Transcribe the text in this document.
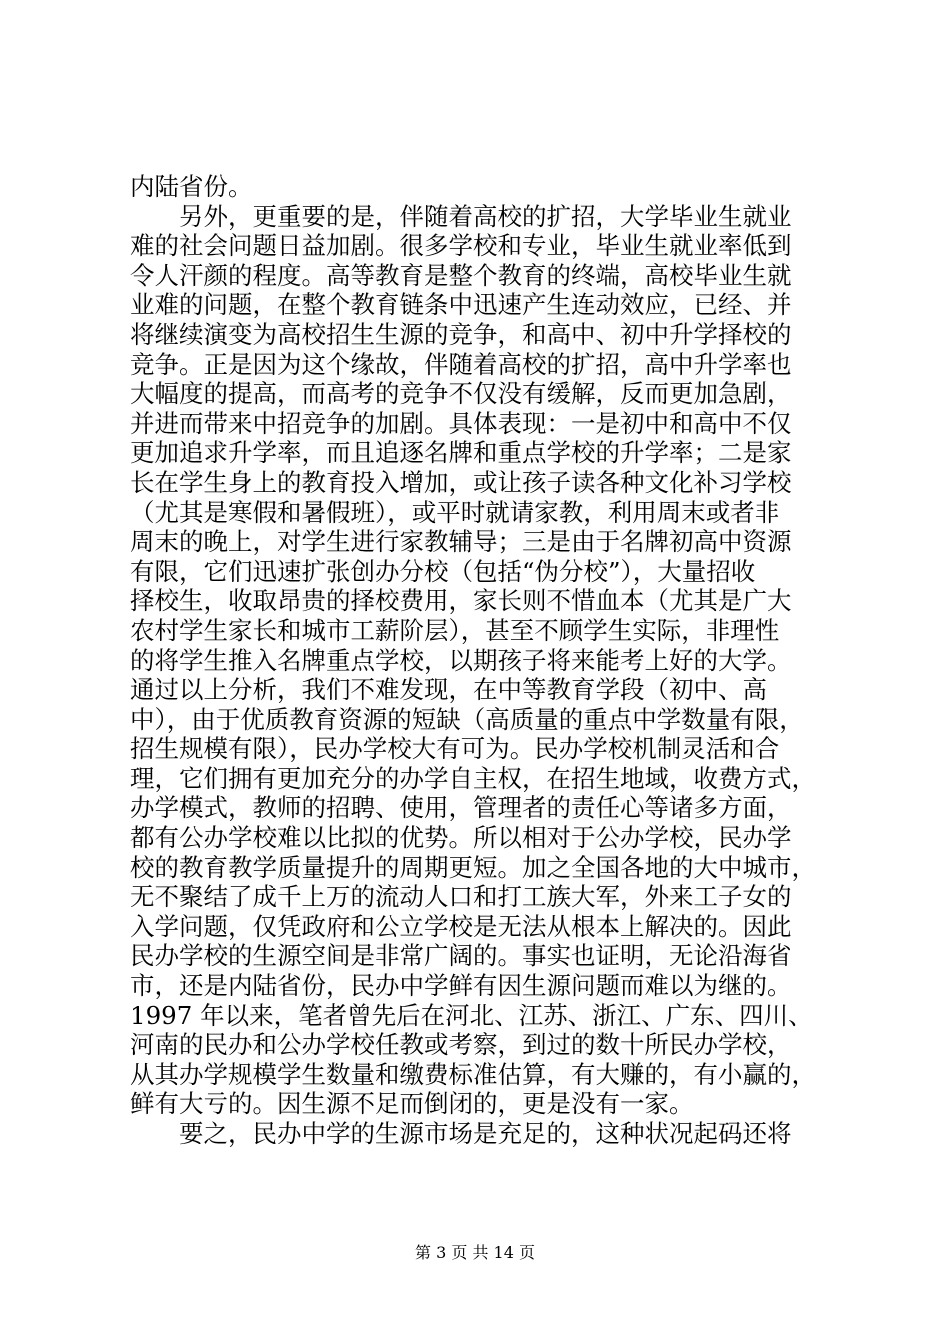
内陆省份。
　　另外，更重要的是，伴随着高校的扩招，大学毕业生就业
难的社会问题日益加剧。很多学校和专业，毕业生就业率低到
令人汗颜的程度。高等教育是整个教育的终端，高校毕业生就
业难的问题，在整个教育链条中迅速产生连动效应，已经、并
将继续演变为高校招生生源的竞争，和高中、初中升学择校的
竞争。正是因为这个缘故，伴随着高校的扩招，高中升学率也
大幅度的提高，而高考的竞争不仅没有缓解，反而更加急剧，
并进而带来中招竞争的加剧。具体表现：一是初中和高中不仅
更加追求升学率，而且追逐名牌和重点学校的升学率；二是家
长在学生身上的教育投入增加，或让孩子读各种文化补习学校
（尤其是寒假和暑假班），或平时就请家教，利用周末或者非
周末的晚上，对学生进行家教辅导；三是由于名牌初高中资源
有限，它们迅速扩张创办分校（包括“伪分校”），大量招收
择校生，收取昂贵的择校费用，家长则不惜血本（尤其是广大
农村学生家长和城市工薪阶层），甚至不顾学生实际，非理性
的将学生推入名牌重点学校，以期孩子将来能考上好的大学。
通过以上分析，我们不难发现，在中等教育学段（初中、高
中），由于优质教育资源的短缺（高质量的重点中学数量有限，
招生规模有限），民办学校大有可为。民办学校机制灵活和合
理，它们拥有更加充分的办学自主权，在招生地域，收费方式，
办学模式，教师的招聘、使用，管理者的责任心等诸多方面，
都有公办学校难以比拟的优势。所以相对于公办学校，民办学
校的教育教学质量提升的周期更短。加之全国各地的大中城市，
无不聚结了成千上万的流动人口和打工族大军，外来工子女的
入学问题，仅凭政府和公立学校是无法从根本上解决的。因此
民办学校的生源空间是非常广阔的。事实也证明，无论沿海省
市，还是内陆省份，民办中学鲜有因生源问题而难以为继的。
1997 年以来，笔者曾先后在河北、江苏、浙江、广东、四川、
河南的民办和公办学校任教或考察，到过的数十所民办学校，
从其办学规模学生数量和缴费标准估算，有大赚的，有小赢的，
鲜有大亏的。因生源不足而倒闭的，更是没有一家。
　　要之，民办中学的生源市场是充足的，这种状况起码还将
第 3 页 共 14 页
